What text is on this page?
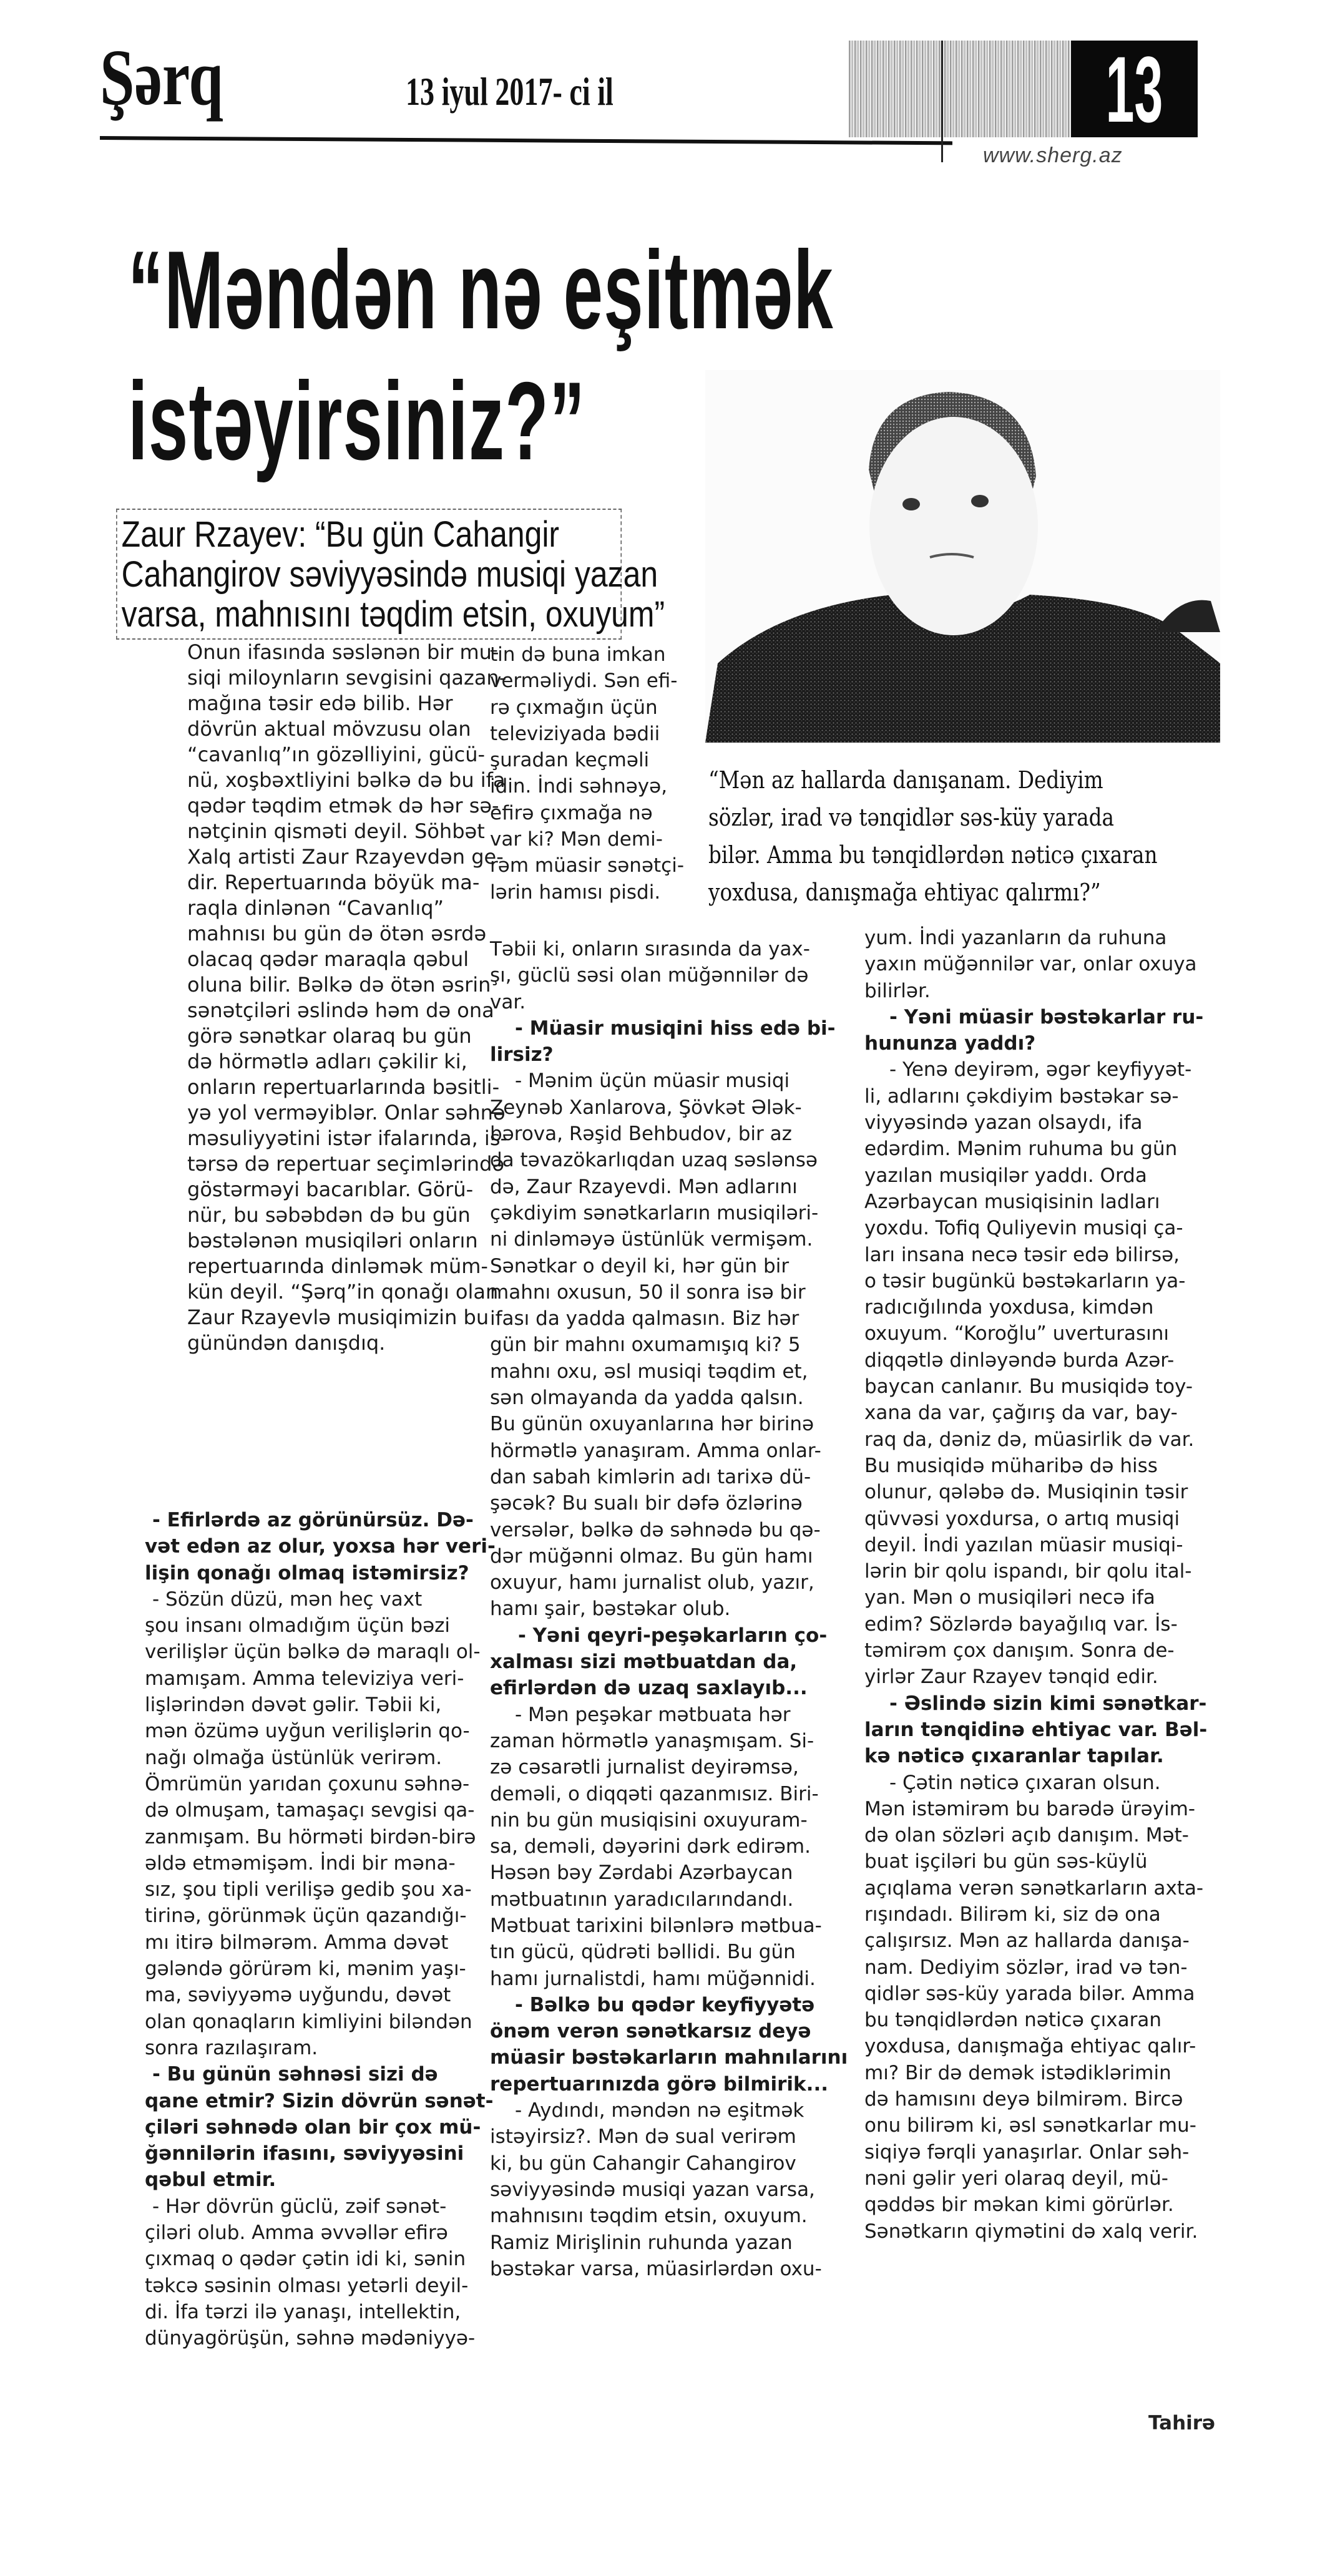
Şərq	13 iyul 2017- ci il	13
www.sherg.az
“Məndən nə eşitmək
istəyirsiniz?”
Zaur Rzayev: “Bu gün Cahangir
Cahangirov səviyyəsində musiqi yazan
varsa, mahnısını təqdim etsin, oxuyum”
“Mən az hallarda danışanam. Dediyim
sözlər, irad və tənqidlər səs-küy yarada
bilər. Amma bu tənqidlərdən nəticə çıxaran
yoxdusa, danışmağa ehtiyac qalırmı?”
Onun ifasında səslənən bir mu-
siqi miloynların sevgisini qazan-
mağına təsir edə bilib. Hər
dövrün aktual mövzusu olan
“cavanlıq”ın gözəlliyini, gücü-
nü, xoşbəxtliyini bəlkə də bu ifa
qədər təqdim etmək də hər sə-
nətçinin qisməti deyil. Söhbət
Xalq artisti Zaur Rzayevdən ge-
dir. Repertuarında böyük ma-
raqla dinlənən “Cavanlıq”
mahnısı bu gün də ötən əsrdə
olacaq qədər maraqla qəbul
oluna bilir. Bəlkə də ötən əsrin
sənətçiləri əslində həm də ona
görə sənətkar olaraq bu gün
də hörmətlə adları çəkilir ki,
onların repertuarlarında bəsitli-
yə yol verməyiblər. Onlar səhnə
məsuliyyətini istər ifalarında, is-
tərsə də repertuar seçimlərində
göstərməyi bacarıblar. Görü-
nür, bu səbəbdən də bu gün
bəstələnən musiqiləri onların
repertuarında dinləmək müm-
kün deyil. “Şərq”in qonağı olan
Zaur Rzayevlə musiqimizin bu
günündən danışdıq.
- Efirlərdə az görünürsüz. Də-
vət edən az olur, yoxsa hər veri-
lişin qonağı olmaq istəmirsiz?
- Sözün düzü, mən heç vaxt
şou insanı olmadığım üçün bəzi
verilişlər üçün bəlkə də maraqlı ol-
mamışam. Amma televiziya veri-
lişlərindən dəvət gəlir. Təbii ki,
mən özümə uyğun verilişlərin qo-
nağı olmağa üstünlük verirəm.
Ömrümün yarıdan çoxunu səhnə-
də olmuşam, tamaşaçı sevgisi qa-
zanmışam. Bu hörməti birdən-birə
əldə etməmişəm. İndi bir məna-
sız, şou tipli verilişə gedib şou xa-
tirinə, görünmək üçün qazandığı-
mı itirə bilmərəm. Amma dəvət
gələndə görürəm ki, mənim yaşı-
ma, səviyyəmə uyğundu, dəvət
olan qonaqların kimliyini biləndən
sonra razılaşıram.
- Bu günün səhnəsi sizi də
qane etmir? Sizin dövrün sənət-
çiləri səhnədə olan bir çox mü-
ğənnilərin ifasını, səviyyəsini
qəbul etmir.
- Hər dövrün güclü, zəif sənət-
çiləri olub. Amma əvvəllər efirə
çıxmaq o qədər çətin idi ki, sənin
təkcə səsinin olması yetərli deyil-
di. İfa tərzi ilə yanaşı, intellektin,
dünyagörüşün, səhnə mədəniyyə-
tin də buna imkan
verməliydi. Sən efi-
rə çıxmağın üçün
televiziyada bədii
şuradan keçməli
idin. İndi səhnəyə,
efirə çıxmağa nə
var ki? Mən demi-
rəm müasir sənətçi-
lərin hamısı pisdi.
Təbii ki, onların sırasında da yax-
şı, güclü səsi olan müğənnilər də
var.
- Müasir musiqini hiss edə bi-
lirsiz?
- Mənim üçün müasir musiqi
Zeynəb Xanlarova, Şövkət Ələk-
bərova, Rəşid Behbudov, bir az
da təvazökarlıqdan uzaq səslənsə
də, Zaur Rzayevdi. Mən adlarını
çəkdiyim sənətkarların musiqiləri-
ni dinləməyə üstünlük vermişəm.
Sənətkar o deyil ki, hər gün bir
mahnı oxusun, 50 il sonra isə bir
ifası da yadda qalmasın. Biz hər
gün bir mahnı oxumamışıq ki? 5
mahnı oxu, əsl musiqi təqdim et,
sən olmayanda da yadda qalsın.
Bu günün oxuyanlarına hər birinə
hörmətlə yanaşıram. Amma onlar-
dan sabah kimlərin adı tarixə dü-
şəcək? Bu sualı bir dəfə özlərinə
versələr, bəlkə də səhnədə bu qə-
dər müğənni olmaz. Bu gün hamı
oxuyur, hamı jurnalist olub, yazır,
hamı şair, bəstəkar olub.
- Yəni qeyri-peşəkarların ço-
xalması sizi mətbuatdan da,
efirlərdən də uzaq saxlayıb...
- Mən peşəkar mətbuata hər
zaman hörmətlə yanaşmışam. Si-
zə cəsarətli jurnalist deyirəmsə,
deməli, o diqqəti qazanmısız. Biri-
nin bu gün musiqisini oxuyuram-
sa, deməli, dəyərini dərk edirəm.
Həsən bəy Zərdabi Azərbaycan
mətbuatının yaradıcılarındandı.
Mətbuat tarixini bilənlərə mətbua-
tın gücü, qüdrəti bəllidi. Bu gün
hamı jurnalistdi, hamı müğənnidi.
- Bəlkə bu qədər keyfiyyətə
önəm verən sənətkarsız deyə
müasir bəstəkarların mahnılarını
repertuarınızda görə bilmirik...
- Aydındı, məndən nə eşitmək
istəyirsiz?. Mən də sual verirəm
ki, bu gün Cahangir Cahangirov
səviyyəsində musiqi yazan varsa,
mahnısını təqdim etsin, oxuyum.
Ramiz Mirişlinin ruhunda yazan
bəstəkar varsa, müasirlərdən oxu-
yum. İndi yazanların da ruhuna
yaxın müğənnilər var, onlar oxuya
bilirlər.
- Yəni müasir bəstəkarlar ru-
hununza yaddı?
- Yenə deyirəm, əgər keyfiyyət-
li, adlarını çəkdiyim bəstəkar sə-
viyyəsində yazan olsaydı, ifa
edərdim. Mənim ruhuma bu gün
yazılan musiqilər yaddı. Orda
Azərbaycan musiqisinin ladları
yoxdu. Tofiq Quliyevin musiqi ça-
ları insana necə təsir edə bilirsə,
o təsir bugünkü bəstəkarların ya-
radıcığılında yoxdusa, kimdən
oxuyum. “Koroğlu” uverturasını
diqqətlə dinləyəndə burda Azər-
baycan canlanır. Bu musiqidə toy-
xana da var, çağırış da var, bay-
raq da, dəniz də, müasirlik də var.
Bu musiqidə müharibə də hiss
olunur, qələbə də. Musiqinin təsir
qüvvəsi yoxdursa, o artıq musiqi
deyil. İndi yazılan müasir musiqi-
lərin bir qolu ispandı, bir qolu ital-
yan. Mən o musiqiləri necə ifa
edim? Sözlərdə bayağılıq var. İs-
təmirəm çox danışım. Sonra de-
yirlər Zaur Rzayev tənqid edir.
- Əslində sizin kimi sənətkar-
ların tənqidinə ehtiyac var. Bəl-
kə nəticə çıxaranlar tapılar.
- Çətin nəticə çıxaran olsun.
Mən istəmirəm bu barədə ürəyim-
də olan sözləri açıb danışım. Mət-
buat işçiləri bu gün səs-küylü
açıqlama verən sənətkarların axta-
rışındadı. Bilirəm ki, siz də ona
çalışırsız. Mən az hallarda danışa-
nam. Dediyim sözlər, irad və tən-
qidlər səs-küy yarada bilər. Amma
bu tənqidlərdən nəticə çıxaran
yoxdusa, danışmağa ehtiyac qalır-
mı? Bir də demək istədiklərimin
də hamısını deyə bilmirəm. Bircə
onu bilirəm ki, əsl sənətkarlar mu-
siqiyə fərqli yanaşırlar. Onlar səh-
nəni gəlir yeri olaraq deyil, mü-
qəddəs bir məkan kimi görürlər.
Sənətkarın qiymətini də xalq verir.
Tahirə
